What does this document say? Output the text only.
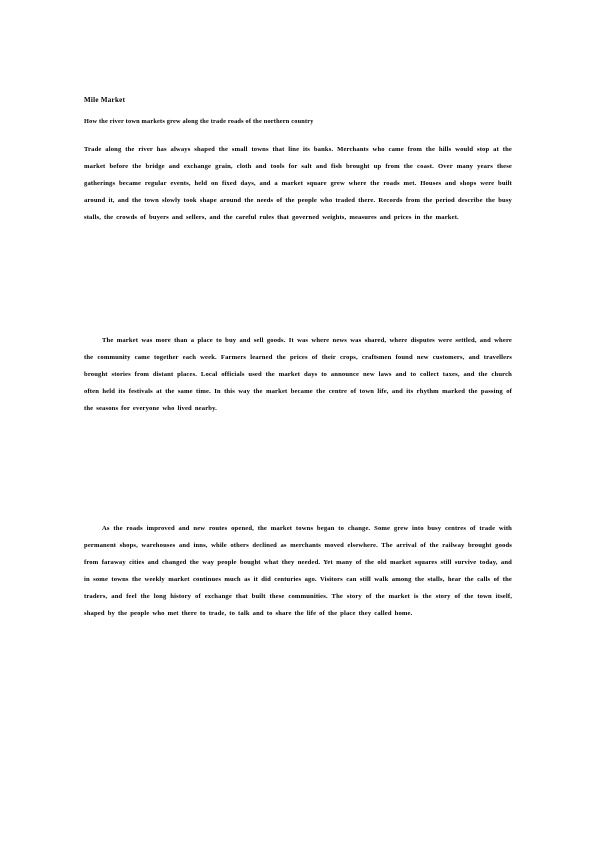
Mile Market
How the river town markets grew along the trade roads of the northern country

Trade along the river has always shaped the small towns that line its banks. Merchants who came from the hills would stop at the market before the bridge and exchange grain, cloth and tools for salt and fish brought up from the coast. Over many years these gatherings became regular events, held on fixed days, and a market square grew where the roads met. Houses and shops were built around it, and the town slowly took shape around the needs of the people who traded there. Records from the period describe the busy stalls, the crowds of buyers and sellers, and the careful rules that governed weights, measures and prices in the market.

The market was more than a place to buy and sell goods. It was where news was shared, where disputes were settled, and where the community came together each week. Farmers learned the prices of their crops, craftsmen found new customers, and travellers brought stories from distant places. Local officials used the market days to announce new laws and to collect taxes, and the church often held its festivals at the same time. In this way the market became the centre of town life, and its rhythm marked the passing of the seasons for everyone who lived nearby.

As the roads improved and new routes opened, the market towns began to change. Some grew into busy centres of trade with permanent shops, warehouses and inns, while others declined as merchants moved elsewhere. The arrival of the railway brought goods from faraway cities and changed the way people bought what they needed. Yet many of the old market squares still survive today, and in some towns the weekly market continues much as it did centuries ago. Visitors can still walk among the stalls, hear the calls of the traders, and feel the long history of exchange that built these communities. The story of the market is the story of the town itself, shaped by the people who met there to trade, to talk and to share the life of the place they called home.
